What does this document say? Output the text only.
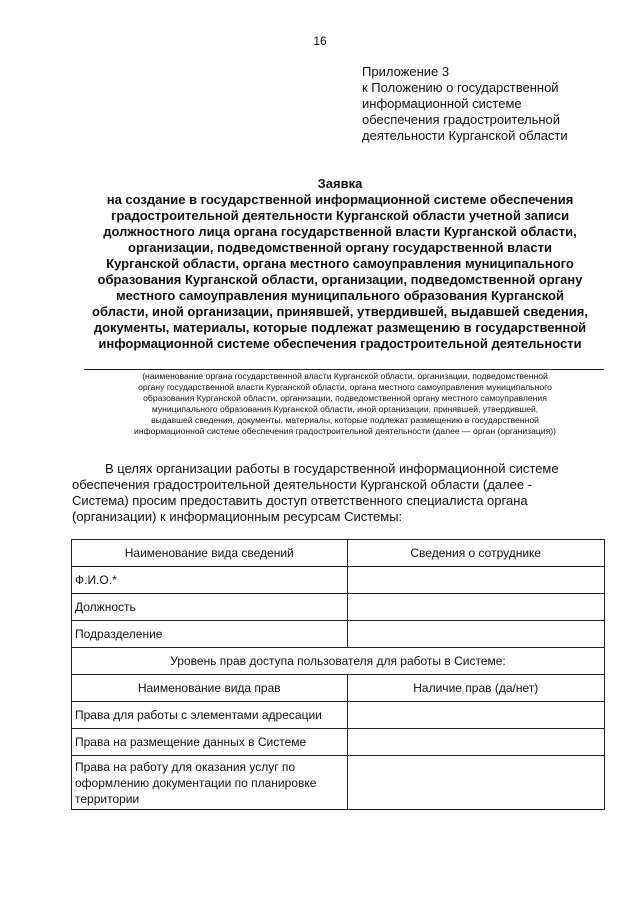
16
Приложение 3
к Положению о государственной
информационной системе
обеспечения градостроительной
деятельности Курганской области
Заявка
на создание в государственной информационной системе обеспечения
градостроительной деятельности Курганской области учетной записи
должностного лица органа государственной власти Курганской области,
организации, подведомственной органу государственной власти
Курганской области, органа местного самоуправления муниципального
образования Курганской области, организации, подведомственной органу
местного самоуправления муниципального образования Курганской
области, иной организации, принявшей, утвердившей, выдавшей сведения,
документы, материалы, которые подлежат размещению в государственной
информационной системе обеспечения градостроительной деятельности
(наименование органа государственной власти Курганской области, организации, подведомственной
органу государственной власти Курганской области, органа местного самоуправления муниципального
образования Курганской области, организации, подведомственной органу местного самоуправления
муниципального образования Курганской области, иной организации, принявшей, утвердившей,
выдавшей сведения, документы, материалы, которые подлежат размещению в государственной
информационной системе обеспечения градостроительной деятельности (далее — орган (организация))
В целях организации работы в государственной информационной системе
обеспечения градостроительной деятельности Курганской области (далее -
Система) просим предоставить доступ ответственного специалиста органа
(организации) к информационным ресурсам Системы:
Наименование вида сведений	Сведения о сотруднике
Ф.И.О.*	
Должность	
Подразделение	
Уровень прав доступа пользователя для работы в Системе:	
Наименование вида прав	Наличие прав (да/нет)
Права для работы с элементами адресации	
Права на размещение данных в Системе	
Права на работу для оказания услуг по оформлению документации по планировке территории	
